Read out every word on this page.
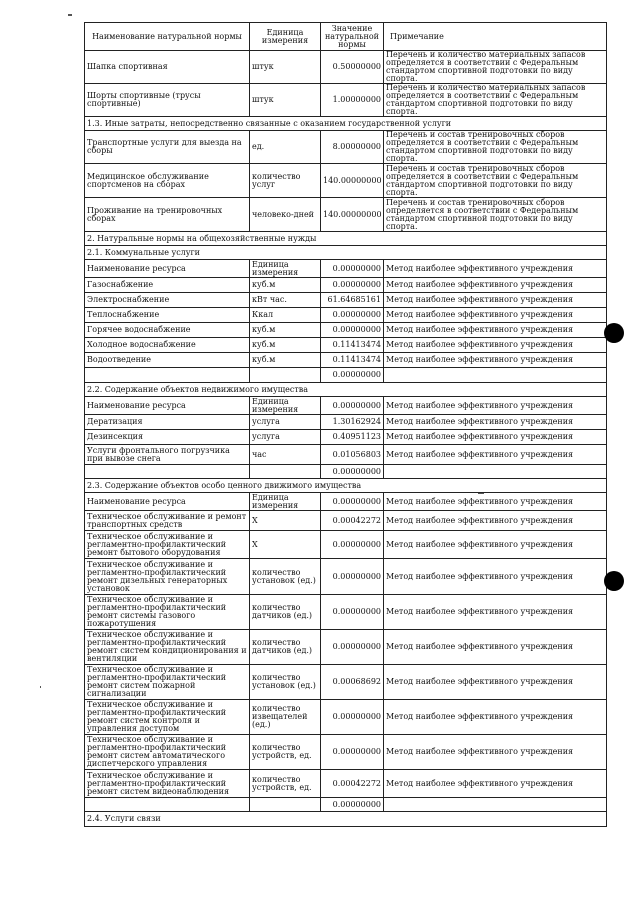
Наименование натуральной нормы	Единица измерения	Значение натуральной нормы	Примечание
Шапка спортивная	штук	0.50000000	Перечень и количество материальных запасов определяется в соответствии с Федеральным стандартом спортивной подготовки по виду спорта.
Шорты спортивные (трусы спортивные)	штук	1.00000000	Перечень и количество материальных запасов определяется в соответствии с Федеральным стандартом спортивной подготовки по виду спорта.
1.3. Иные затраты, непосредственно связанные с оказанием государственной услуги			
Транспортные услуги для выезда на сборы	ед.	8.00000000	Перечень и состав тренировочных сборов определяется в соответствии с Федеральным стандартом спортивной подготовки по виду спорта.
Медицинское обслуживание спортсменов на сборах	количество услуг	140.00000000	Перечень и состав тренировочных сборов определяется в соответствии с Федеральным стандартом спортивной подготовки по виду спорта.
Проживание на тренировочных сборах	человеко-дней	140.00000000	Перечень и состав тренировочных сборов определяется в соответствии с Федеральным стандартом спортивной подготовки по виду спорта.
2. Натуральные нормы на общехозяйственные нужды			
2.1. Коммунальные услуги			
Наименование ресурса	Единица измерения	0.00000000	Метод наиболее эффективного учреждения
Газоснабжение	куб.м	0.00000000	Метод наиболее эффективного учреждения
Электроснабжение	кВт час.	61.64685161	Метод наиболее эффективного учреждения
Теплоснабжение	Ккал	0.00000000	Метод наиболее эффективного учреждения
Горячее водоснабжение	куб.м	0.00000000	Метод наиболее эффективного учреждения
Холодное водоснабжение	куб.м	0.11413474	Метод наиболее эффективного учреждения
Водоотведение	куб.м	0.11413474	Метод наиболее эффективного учреждения
		0.00000000	
2.2. Содержание объектов недвижимого имущества			
Наименование ресурса	Единица измерения	0.00000000	Метод наиболее эффективного учреждения
Дератизация	услуга	1.30162924	Метод наиболее эффективного учреждения
Дезинсекция	услуга	0.40951123	Метод наиболее эффективного учреждения
Услуги фронтального погрузчика при вывозе снега	час	0.01056803	Метод наиболее эффективного учреждения
		0.00000000	
2.3. Содержание объектов особо ценного движимого имущества			
Наименование ресурса	Единица измерения	0.00000000	Метод наиболее эффективного учреждения
Техническое обслуживание и ремонт транспортных средств	X	0.00042272	Метод наиболее эффективного учреждения
Техническое обслуживание и регламентно-профилактический ремонт бытового оборудования	X	0.00000000	Метод наиболее эффективного учреждения
Техническое обслуживание и регламентно-профилактический ремонт дизельных генераторных установок	количество установок (ед.)	0.00000000	Метод наиболее эффективного учреждения
Техническое обслуживание и регламентно-профилактический ремонт системы газового пожаротушения	количество датчиков (ед.)	0.00000000	Метод наиболее эффективного учреждения
Техническое обслуживание и регламентно-профилактический ремонт систем кондиционирования и вентиляции	количество датчиков (ед.)	0.00000000	Метод наиболее эффективного учреждения
Техническое обслуживание и регламентно-профилактический ремонт систем пожарной сигнализации	количество установок (ед.)	0.00068692	Метод наиболее эффективного учреждения
Техническое обслуживание и регламентно-профилактический ремонт систем контроля и управления доступом	количество извещателей (ед.)	0.00000000	Метод наиболее эффективного учреждения
Техническое обслуживание и регламентно-профилактический ремонт систем автоматического диспетчерского управления	количество устройств, ед.	0.00000000	Метод наиболее эффективного учреждения
Техническое обслуживание и регламентно-профилактический ремонт систем видеонаблюдения	количество устройств, ед.	0.00042272	Метод наиболее эффективного учреждения
		0.00000000	
2.4. Услуги связи			
